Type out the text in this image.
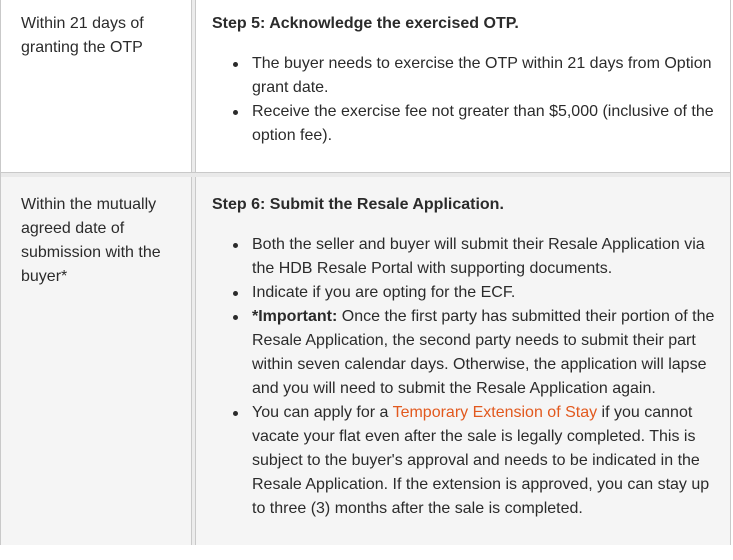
Within 21 days of granting the OTP
Step 5: Acknowledge the exercised OTP.
The buyer needs to exercise the OTP within 21 days from Option grant date.
Receive the exercise fee not greater than $5,000 (inclusive of the option fee).
Within the mutually agreed date of submission with the buyer*
Step 6: Submit the Resale Application.
Both the seller and buyer will submit their Resale Application via the HDB Resale Portal with supporting documents.
Indicate if you are opting for the ECF.
*Important: Once the first party has submitted their portion of the Resale Application, the second party needs to submit their part within seven calendar days. Otherwise, the application will lapse and you will need to submit the Resale Application again.
You can apply for a Temporary Extension of Stay if you cannot vacate your flat even after the sale is legally completed. This is subject to the buyer's approval and needs to be indicated in the Resale Application. If the extension is approved, you can stay up to three (3) months after the sale is completed.
